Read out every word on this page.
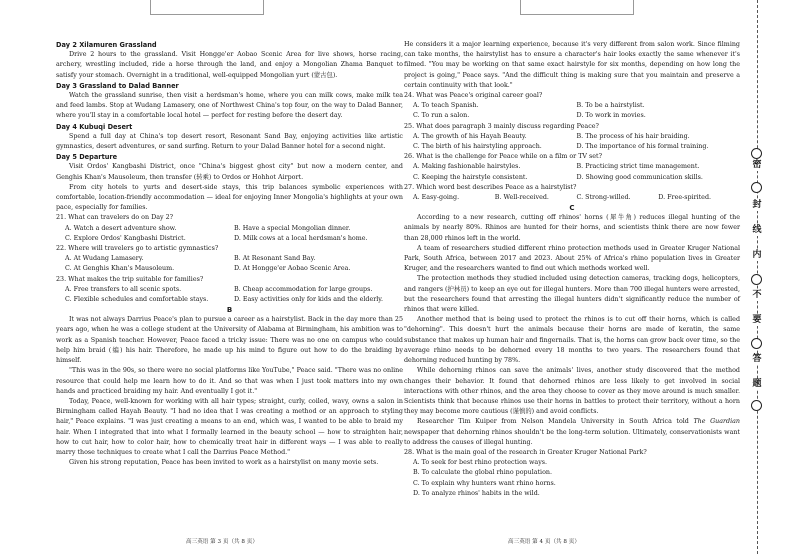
Day 2 Xilamuren Grassland

Drive 2 hours to the grassland. Visit Hongge'er Aobao Scenic Area for live shows, horse racing, archery, wrestling included, ride a horse through the land, and enjoy a Mongolian Zhama Banquet to satisfy your stomach. Overnight in a traditional, well-equipped Mongolian yurt (蒙古包).

Day 3 Grassland to Dalad Banner

Watch the grassland sunrise, then visit a herdsman's home, where you can milk cows, make milk tea and feed lambs. Stop at Wudang Lamasery, one of Northwest China's top four, on the way to Dalad Banner, where you'll stay in a comfortable local hotel — perfect for resting before the desert day.

Day 4 Kubuqi Desert

Spend a full day at China's top desert resort, Resonant Sand Bay, enjoying activities like artistic gymnastics, desert adventures, or sand surfing. Return to your Dalad Banner hotel for a second night.

Day 5 Departure

Visit Ordos' Kangbashi District, once "China's biggest ghost city" but now a modern center, and Genghis Khan's Mausoleum, then transfer (转乘) to Ordos or Hohhot Airport.

From city hotels to yurts and desert-side stays, this trip balances symbolic experiences with comfortable, location-friendly accommodation — ideal for enjoying Inner Mongolia's highlights at your own pace, especially for families.

21. What can travelers do on Day 2?

A. Watch a desert adventure show.	B. Have a special Mongolian dinner.
C. Explore Ordos' Kangbashi District.	D. Milk cows at a local herdsman's home.

22. Where will travelers go to artistic gymnastics?

A. At Wudang Lamasery.	B. At Resonant Sand Bay.
C. At Genghis Khan's Mausoleum.	D. At Hongge'er Aobao Scenic Area.

23. What makes the trip suitable for families?

A. Free transfers to all scenic spots.	B. Cheap accommodation for large groups.
C. Flexible schedules and comfortable stays.	D. Easy activities only for kids and the elderly.

B

It was not always Darrius Peace's plan to pursue a career as a hairstylist. Back in the day more than 25 years ago, when he was a college student at the University of Alabama at Birmingham, his ambition was to work as a Spanish teacher. However, Peace faced a tricky issue: There was no one on campus who could help him braid (编) his hair. Therefore, he made up his mind to figure out how to do the braiding by himself.

"This was in the 90s, so there were no social platforms like YouTube," Peace said. "There was no online resource that could help me learn how to do it. And so that was when I just took matters into my own hands and practiced braiding my hair. And eventually I got it."

Today, Peace, well-known for working with all hair types; straight, curly, coiled, wavy, owns a salon in Birmingham called Hayah Beauty. "I had no idea that I was creating a method or an approach to styling hair," Peace explains. "I was just creating a means to an end, which was, I wanted to be able to braid my hair. When I integrated that into what I formally learned in the beauty school — how to straighten hair, how to cut hair, how to color hair, how to chemically treat hair in different ways — I was able to really marry those techniques to create what I call the Darrius Peace Method."

Given his strong reputation, Peace has been invited to work as a hairstylist on many movie sets.

He considers it a major learning experience, because it's very different from salon work. Since filming can take months, the hairstylist has to ensure a character's hair looks exactly the same whenever it's filmed. "You may be working on that same exact hairstyle for six months, depending on how long the project is going," Peace says. "And the difficult thing is making sure that you maintain and preserve a certain continuity with that look."

24. What was Peace's original career goal?

A. To teach Spanish.	B. To be a hairstylist.
C. To run a salon.	D. To work in movies.

25. What does paragraph 3 mainly discuss regarding Peace?

A. The growth of his Hayah Beauty.	B. The process of his hair braiding.
C. The birth of his hairstyling approach.	D. The importance of his formal training.

26. What is the challenge for Peace while on a film or TV set?

A. Making fashionable hairstyles.	B. Practicing strict time management.
C. Keeping the hairstyle consistent.	D. Showing good communication skills.

27. Which word best describes Peace as a hairstylist?

A. Easy-going.	B. Well-received.	C. Strong-willed.	D. Free-spirited.

C

According to a new research, cutting off rhinos' horns (犀牛角) reduces illegal hunting of the animals by nearly 80%. Rhinos are hunted for their horns, and scientists think there are now fewer than 28,000 rhinos left in the world.

A team of researchers studied different rhino protection methods used in Greater Kruger National Park, South Africa, between 2017 and 2023. About 25% of Africa's rhino population lives in Greater Kruger, and the researchers wanted to find out which methods worked well.

The protection methods they studied included using detection cameras, tracking dogs, helicopters, and rangers (护林员) to keep an eye out for illegal hunters. More than 700 illegal hunters were arrested, but the researchers found that arresting the illegal hunters didn't significantly reduce the number of rhinos that were killed.

Another method that is being used to protect the rhinos is to cut off their horns, which is called "dehorning". This doesn't hurt the animals because their horns are made of keratin, the same substance that makes up human hair and fingernails. That is, the horns can grow back over time, so the average rhino needs to be dehorned every 18 months to two years. The researchers found that dehorning reduced hunting by 78%.

While dehorning rhinos can save the animals' lives, another study discovered that the method changes their behavior. It found that dehorned rhinos are less likely to get involved in social interactions with other rhinos, and the area they choose to cover as they move around is much smaller. Scientists think that because rhinos use their horns in battles to protect their territory, without a horn they may become more cautious (谨慎的) and avoid conflicts.

Researcher Tim Kuiper from Nelson Mandela University in South Africa told The Guardian newspaper that dehorning rhinos shouldn't be the long-term solution. Ultimately, conservationists want to address the causes of illegal hunting.

28. What is the main goal of the research in Greater Kruger National Park?

A. To seek for best rhino protection ways.
B. To calculate the global rhino population.
C. To explain why hunters want rhino horns.
D. To analyze rhinos' habits in the wild.
高三英语 第 3 页（共 8 页）	高三英语 第 4 页（共 8 页）
密
封
线
内
不
要
答
题
